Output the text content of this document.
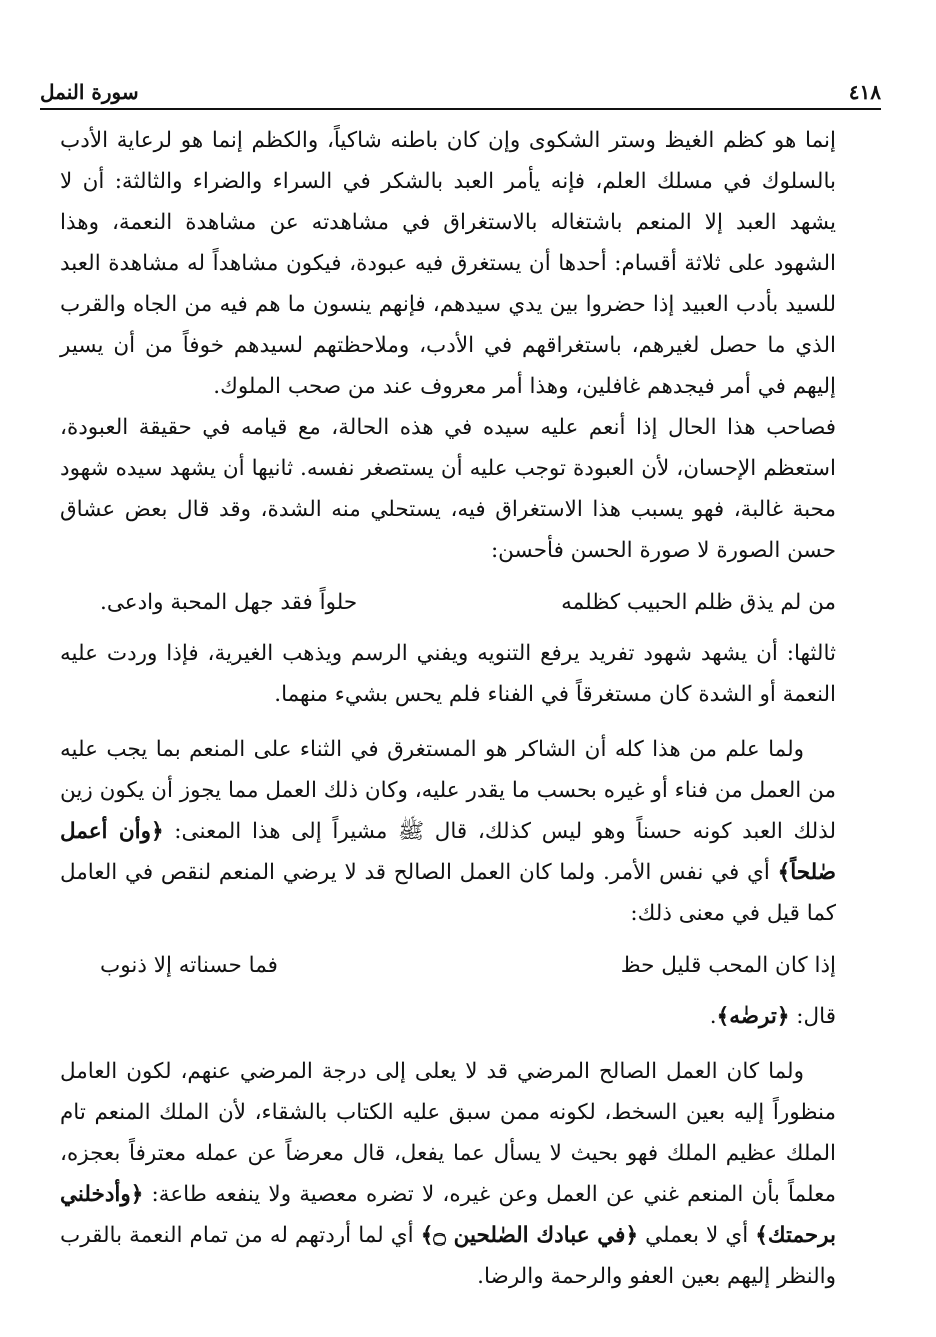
٤١٨
سورة النمل

إنما هو كظم الغيظ وستر الشكوى وإن كان باطنه شاكياً، والكظم إنما هو لرعاية الأدب بالسلوك في مسلك العلم، فإنه يأمر العبد بالشكر في السراء والضراء والثالثة: أن لا يشهد العبد إلا المنعم باشتغاله بالاستغراق في مشاهدته عن مشاهدة النعمة، وهذا الشهود على ثلاثة أقسام: أحدها أن يستغرق فيه عبودة، فيكون مشاهداً له مشاهدة العبد للسيد بأدب العبيد إذا حضروا بين يدي سيدهم، فإنهم ينسون ما هم فيه من الجاه والقرب الذي ما حصل لغيرهم، باستغراقهم في الأدب، وملاحظتهم لسيدهم خوفاً من أن يسير إليهم في أمر فيجدهم غافلين، وهذا أمر معروف عند من صحب الملوك.

فصاحب هذا الحال إذا أنعم عليه سيده في هذه الحالة، مع قيامه في حقيقة العبودة، استعظم الإحسان، لأن العبودة توجب عليه أن يستصغر نفسه. ثانيها أن يشهد سيده شهود محبة غالبة، فهو يسبب هذا الاستغراق فيه، يستحلي منه الشدة، وقد قال بعض عشاق حسن الصورة لا صورة الحسن فأحسن:

من لم يذق ظلم الحبيب كظلمه
حلواً فقد جهل المحبة وادعى.

ثالثها: أن يشهد شهود تفريد يرفع التنويه ويفني الرسم ويذهب الغيرية، فإذا وردت عليه النعمة أو الشدة كان مستغرقاً في الفناء فلم يحس بشيء منهما.

ولما علم من هذا كله أن الشاكر هو المستغرق في الثناء على المنعم بما يجب عليه من العمل من فناء أو غيره بحسب ما يقدر عليه، وكان ذلك العمل مما يجوز أن يكون زين لذلك العبد كونه حسناً وهو ليس كذلك، قال ﷺ مشيراً إلى هذا المعنى: ﴿وأن أعمل صٰلحاً﴾ أي في نفس الأمر. ولما كان العمل الصالح قد لا يرضي المنعم لنقص في العامل كما قيل في معنى ذلك:

إذا كان المحب قليل حظ
فما حسناته إلا ذنوب

قال: ﴿ترضٰه﴾.

ولما كان العمل الصالح المرضي قد لا يعلى إلى درجة المرضي عنهم، لكون العامل منظوراً إليه بعين السخط، لكونه ممن سبق عليه الكتاب بالشقاء، لأن الملك المنعم تام الملك عظيم الملك فهو بحيث لا يسأل عما يفعل، قال معرضاً عن عمله معترفاً بعجزه، معلماً بأن المنعم غني عن العمل وعن غيره، لا تضره معصية ولا ينفعه طاعة: ﴿وأدخلني برحمتك﴾ أي لا بعملي ﴿في عبادك الصٰلحين ۝﴾ أي لما أردتهم له من تمام النعمة بالقرب والنظر إليهم بعين العفو والرحمة والرضا.
